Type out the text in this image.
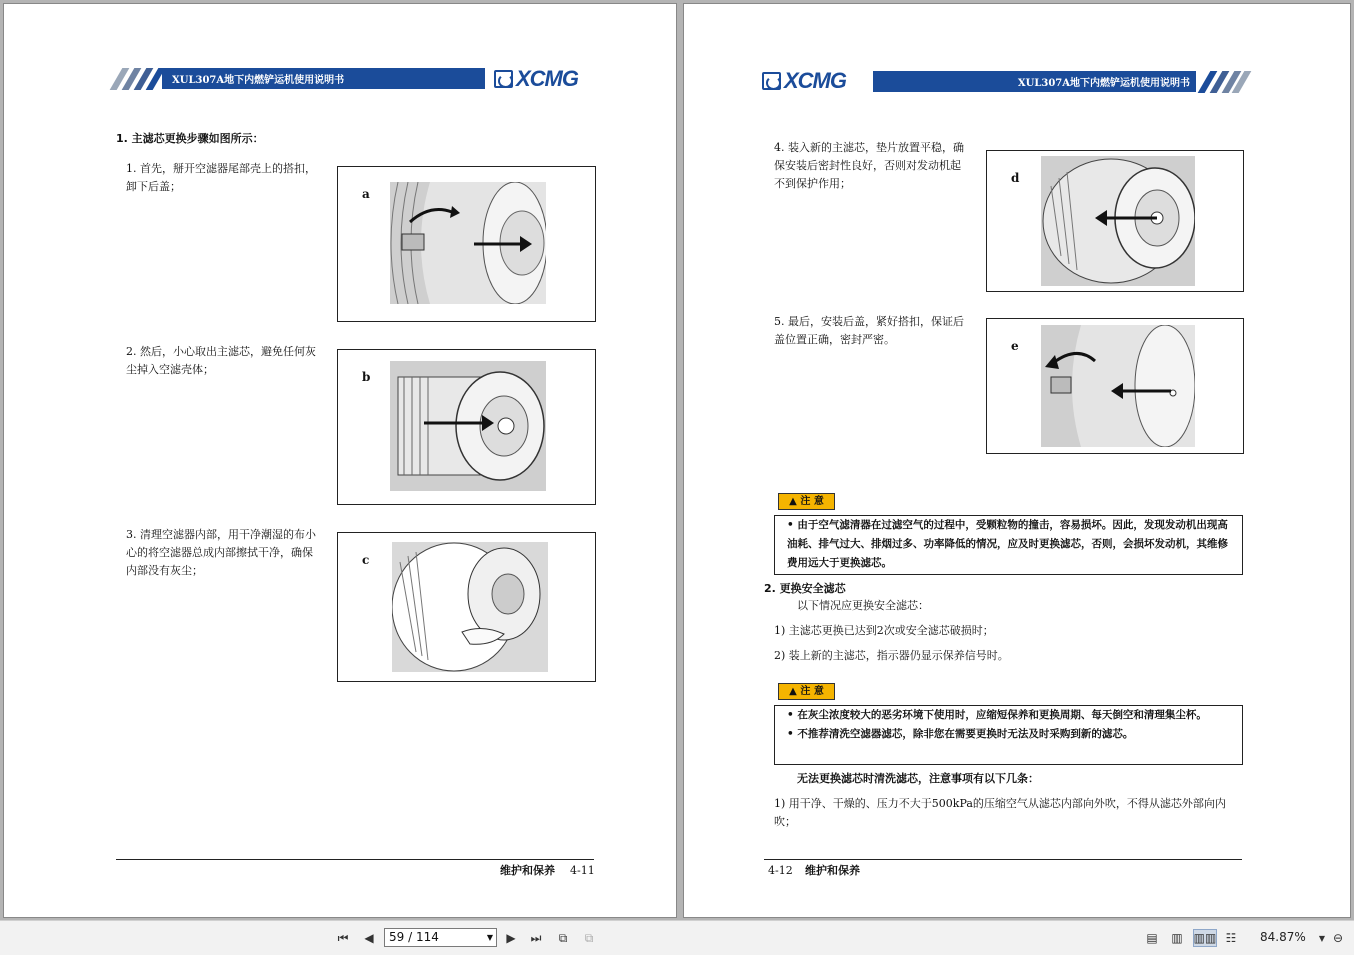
XUL307A地下内燃铲运机使用说明书	XCMG
1. 主滤芯更换步骤如图所示：
1. 首先，掰开空滤器尾部壳上的搭扣，卸下后盖；
2. 然后，小心取出主滤芯，避免任何灰尘掉入空滤壳体；
3. 清理空滤器内部，用干净潮湿的布小心的将空滤器总成内部擦拭干净，确保内部没有灰尘；
a
b
c
维护和保养 4-11
XCMG	XUL307A地下内燃铲运机使用说明书
4. 装入新的主滤芯，垫片放置平稳，确保安装后密封性良好，否则对发动机起不到保护作用；
5. 最后，安装后盖，紧好搭扣，保证后盖位置正确，密封严密。
d
e
▲ 注 意
• 由于空气滤清器在过滤空气的过程中，受颗粒物的撞击，容易损坏。因此，发现发动机出现高油耗、排气过大、排烟过多、功率降低的情况，应及时更换滤芯，否则，会损坏发动机，其维修费用远大于更换滤芯。
2. 更换安全滤芯
以下情况应更换安全滤芯：
1) 主滤芯更换已达到2次或安全滤芯破损时；
2) 装上新的主滤芯，指示器仍显示保养信号时。
▲ 注 意
• 在灰尘浓度较大的恶劣环境下使用时，应缩短保养和更换周期、每天倒空和清理集尘杯。
• 不推荐清洗空滤器滤芯，除非您在需要更换时无法及时采购到新的滤芯。
无法更换滤芯时清洗滤芯，注意事项有以下几条：
1) 用干净、干燥的、压力不大于500kPa的压缩空气从滤芯内部向外吹，不得从滤芯外部向内吹；
4-12 维护和保养
⏮ ◀	59 / 114	▼ ▶ ⏭ ⧉ ⧉	▤ ▥ ▥▥ ☷ 84.87% ▼ ⊖
